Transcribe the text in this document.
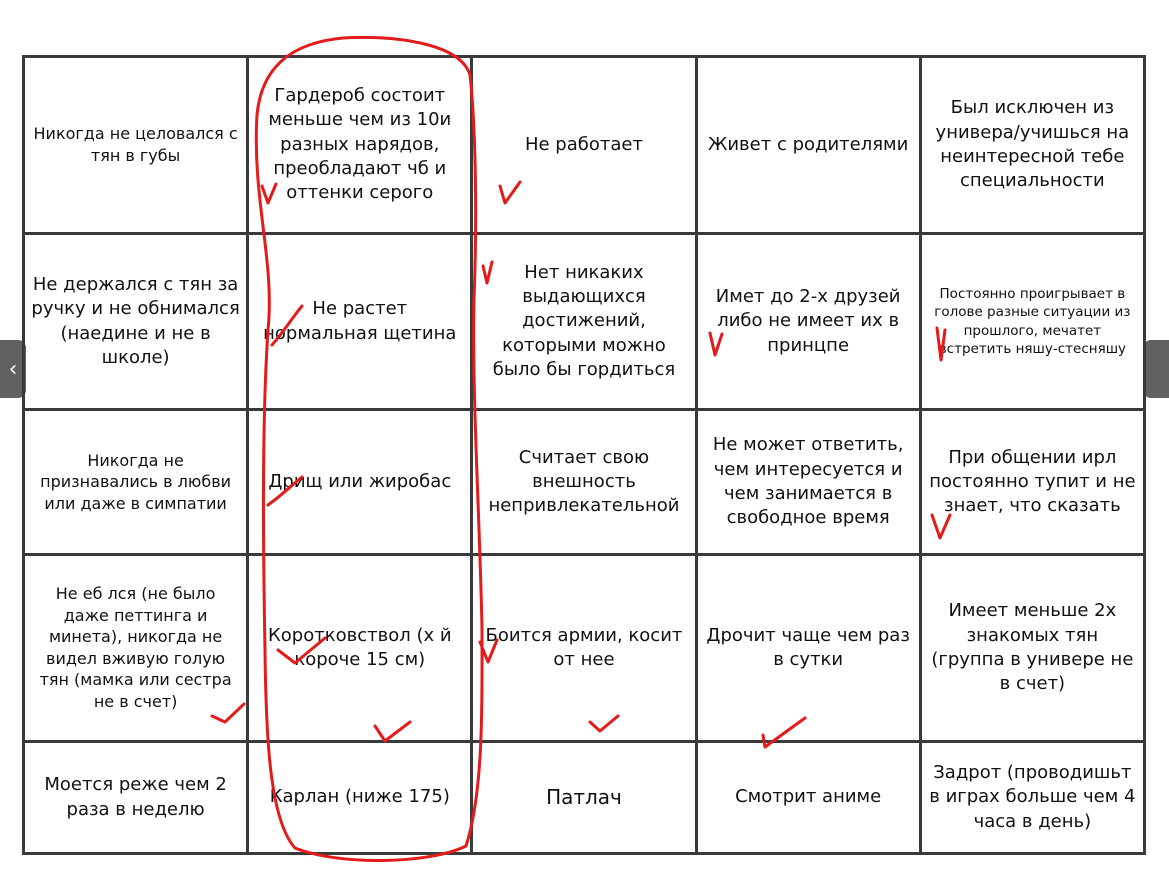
‹
Никогда не целовался с тян в губы	Гардероб состоит меньше чем из 10и разных нарядов, преобладают чб и оттенки серого	Не работает	Живет с родителями	Был исключен из универа/учишься на неинтересной тебе специальности
Не держался с тян за ручку и не обнимался (наедине и не в школе)	Не растет нормальная щетина	Нет никаких выдающихся достижений, которыми можно было бы гордиться	Имет до 2-х друзей либо не имеет их в принцпе	Постоянно проигрывает в голове разные ситуации из прошлого, мечатет встретить няшу-стесняшу
Никогда не признавались в любви или даже в симпатии	Дрищ или жиробас	Считает свою внешность непривлекательной	Не может ответить, чем интересуется и чем занимается в свободное время	При общении ирл постоянно тупит и не знает, что сказать
Не еб лся (не было даже петтинга и минета), никогда не видел вживую голую тян (мамка или сестра не в счет)	Коротковствол (х й короче 15 см)	Боится армии, косит от нее	Дрочит чаще чем раз в сутки	Имеет меньше 2х знакомых тян (группа в универе не в счет)
Моется реже чем 2 раза в неделю	Карлан (ниже 175)	Патлач	Смотрит аниме	Задрот (проводишьт в играх больше чем 4 часа в день)
